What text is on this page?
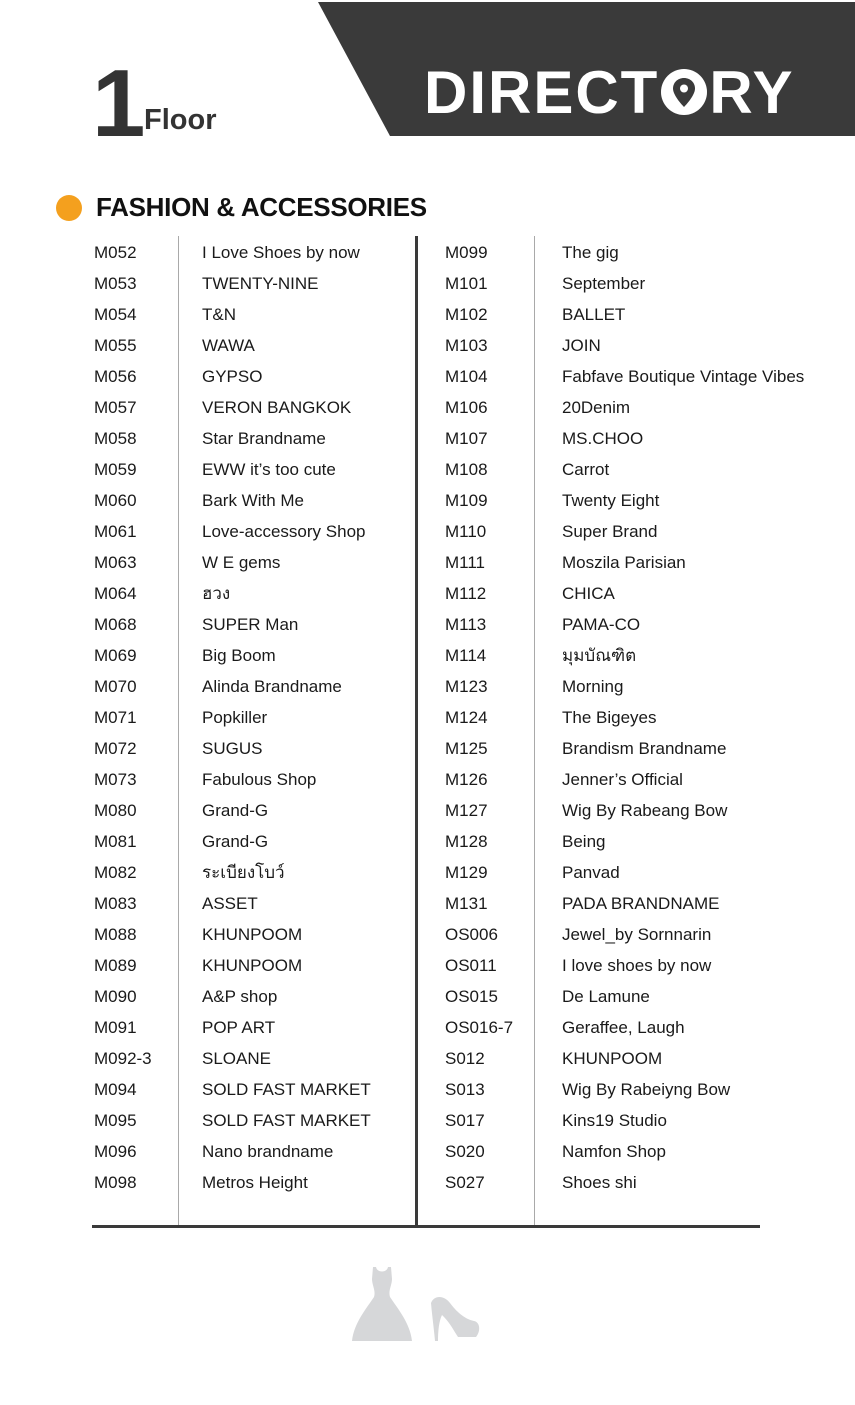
DIRECT RY
1 Floor
FASHION & ACCESSORIES
M052	I Love Shoes by now
M053	TWENTY-NINE
M054	T&N
M055	WAWA
M056	GYPSO
M057	VERON BANGKOK
M058	Star Brandname
M059	EWW it’s too cute
M060	Bark With Me
M061	Love-accessory Shop
M063	W E gems
M064	ฮวง
M068	SUPER Man
M069	Big Boom
M070	Alinda Brandname
M071	Popkiller
M072	SUGUS
M073	Fabulous Shop
M080	Grand-G
M081	Grand-G
M082	ระเบียงโบว์
M083	ASSET
M088	KHUNPOOM
M089	KHUNPOOM
M090	A&P shop
M091	POP ART
M092-3	SLOANE
M094	SOLD FAST MARKET
M095	SOLD FAST MARKET
M096	Nano brandname
M098	Metros Height
M099	The gig
M101	September
M102	BALLET
M103	JOIN
M104	Fabfave Boutique Vintage Vibes
M106	20Denim
M107	MS.CHOO
M108	Carrot
M109	Twenty Eight
M110	Super Brand
M111	Moszila Parisian
M112	CHICA
M113	PAMA-CO
M114	มุมบัณฑิต
M123	Morning
M124	The Bigeyes
M125	Brandism Brandname
M126	Jenner’s Official
M127	Wig By Rabeang Bow
M128	Being
M129	Panvad
M131	PADA BRANDNAME
OS006	Jewel_by Sornnarin
OS011	I love shoes by now
OS015	De Lamune
OS016-7	Geraffee, Laugh
S012	KHUNPOOM
S013	Wig By Rabeiyng Bow
S017	Kins19 Studio
S020	Namfon Shop
S027	Shoes shi
